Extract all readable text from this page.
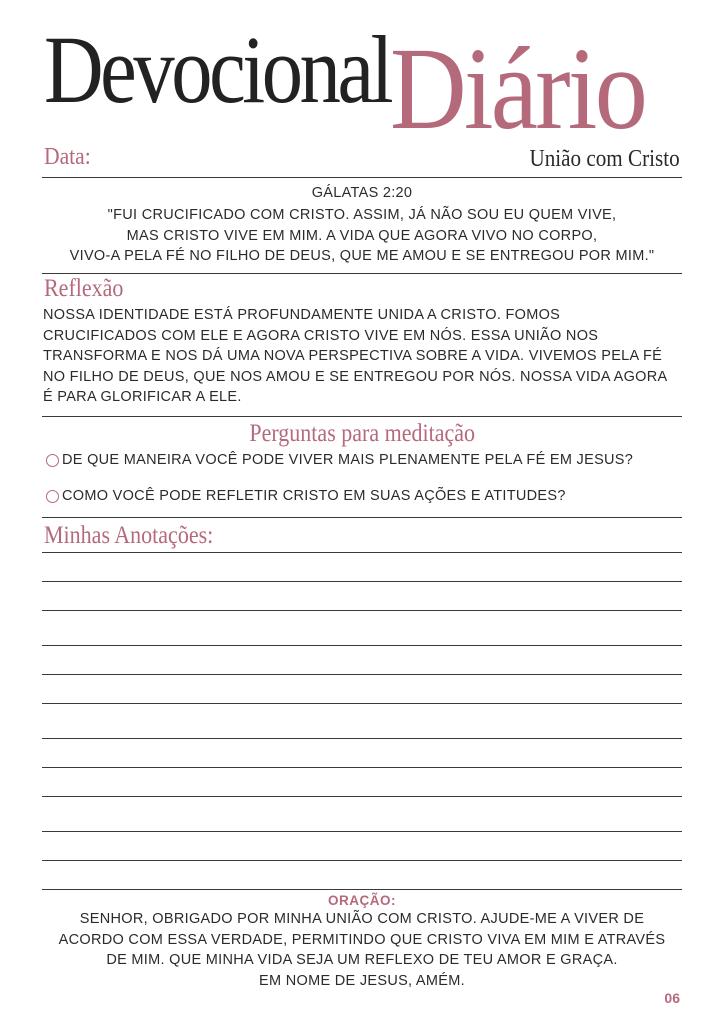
Devocional Diário
Data:	União com Cristo
GÁLATAS 2:20
"FUI CRUCIFICADO COM CRISTO. ASSIM, JÁ NÃO SOU EU QUEM VIVE,
MAS CRISTO VIVE EM MIM. A VIDA QUE AGORA VIVO NO CORPO,
VIVO-A PELA FÉ NO FILHO DE DEUS, QUE ME AMOU E SE ENTREGOU POR MIM."
Reflexão
NOSSA IDENTIDADE ESTÁ PROFUNDAMENTE UNIDA A CRISTO. FOMOS
CRUCIFICADOS COM ELE E AGORA CRISTO VIVE EM NÓS. ESSA UNIÃO NOS
TRANSFORMA E NOS DÁ UMA NOVA PERSPECTIVA SOBRE A VIDA. VIVEMOS PELA FÉ
NO FILHO DE DEUS, QUE NOS AMOU E SE ENTREGOU POR NÓS. NOSSA VIDA AGORA
É PARA GLORIFICAR A ELE.
Perguntas para meditação
DE QUE MANEIRA VOCÊ PODE VIVER MAIS PLENAMENTE PELA FÉ EM JESUS?
COMO VOCÊ PODE REFLETIR CRISTO EM SUAS AÇÕES E ATITUDES?
Minhas Anotações:
ORAÇÃO:
SENHOR, OBRIGADO POR MINHA UNIÃO COM CRISTO. AJUDE-ME A VIVER DE
ACORDO COM ESSA VERDADE, PERMITINDO QUE CRISTO VIVA EM MIM E ATRAVÉS
DE MIM. QUE MINHA VIDA SEJA UM REFLEXO DE TEU AMOR E GRAÇA.
EM NOME DE JESUS, AMÉM.
06
